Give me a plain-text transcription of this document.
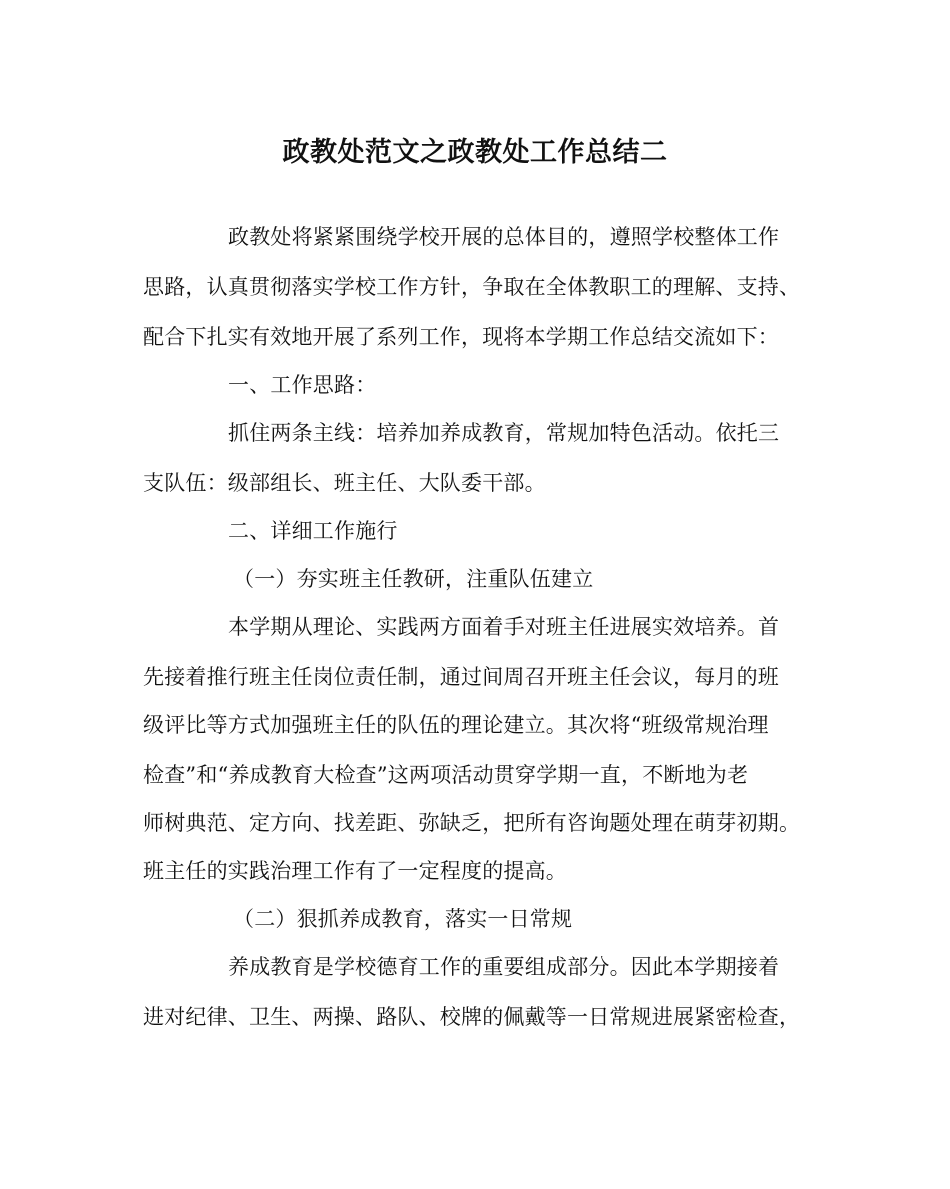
政教处范文之政教处工作总结二
政教处将紧紧围绕学校开展的总体目的，遵照学校整体工作
思路，认真贯彻落实学校工作方针，争取在全体教职工的理解、支持、
配合下扎实有效地开展了系列工作，现将本学期工作总结交流如下：
一、工作思路：
抓住两条主线：培养加养成教育，常规加特色活动。依托三
支队伍：级部组长、班主任、大队委干部。
二、详细工作施行
（一）夯实班主任教研，注重队伍建立
本学期从理论、实践两方面着手对班主任进展实效培养。首
先接着推行班主任岗位责任制，通过间周召开班主任会议，每月的班
级评比等方式加强班主任的队伍的理论建立。其次将“班级常规治理
检查”和“养成教育大检查”这两项活动贯穿学期一直，不断地为老
师树典范、定方向、找差距、弥缺乏，把所有咨询题处理在萌芽初期。
班主任的实践治理工作有了一定程度的提高。
（二）狠抓养成教育，落实一日常规
养成教育是学校德育工作的重要组成部分。因此本学期接着
进对纪律、卫生、两操、路队、校牌的佩戴等一日常规进展紧密检查，
